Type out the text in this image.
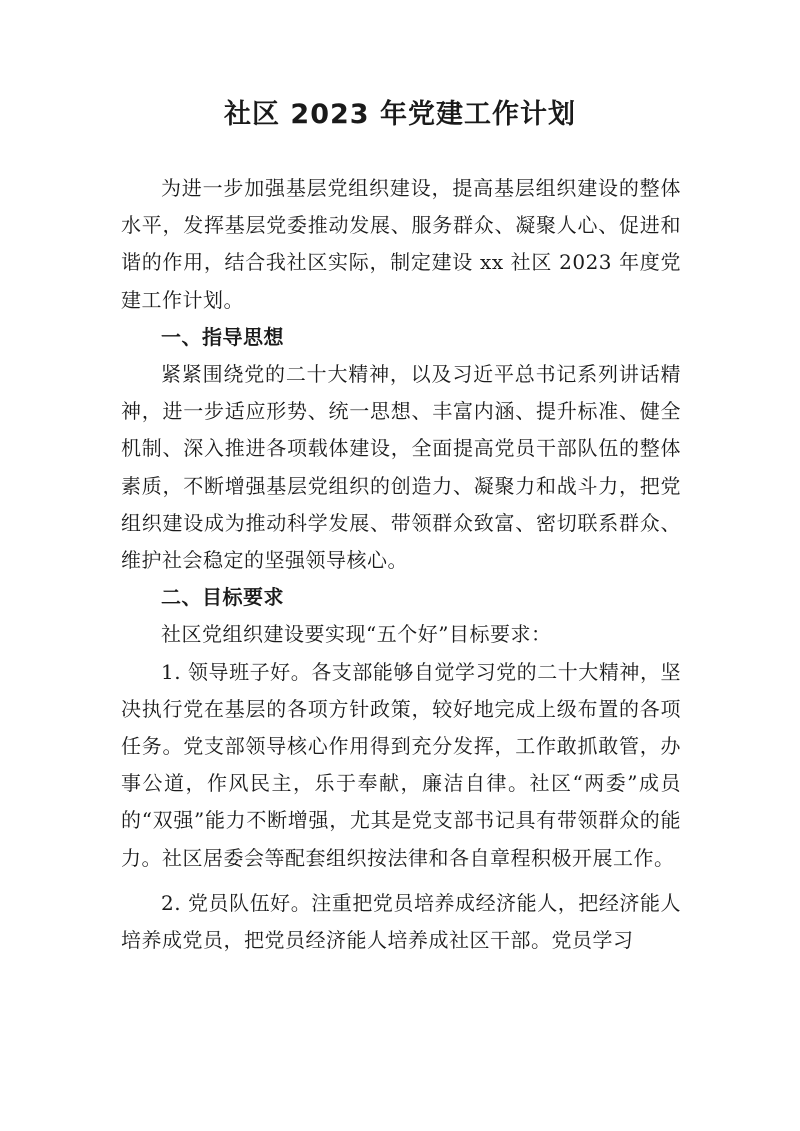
社区 2023 年党建工作计划

为进一步加强基层党组织建设，提高基层组织建设的整体水平，发挥基层党委推动发展、服务群众、凝聚人心、促进和谐的作用，结合我社区实际，制定建设 xx 社区 2023 年度党建工作计划。

一、指导思想

紧紧围绕党的二十大精神，以及习近平总书记系列讲话精神，进一步适应形势、统一思想、丰富内涵、提升标准、健全机制、深入推进各项载体建设，全面提高党员干部队伍的整体素质，不断增强基层党组织的创造力、凝聚力和战斗力，把党组织建设成为推动科学发展、带领群众致富、密切联系群众、维护社会稳定的坚强领导核心。

二、目标要求

社区党组织建设要实现“五个好”目标要求：

1. 领导班子好。各支部能够自觉学习党的二十大精神，坚决执行党在基层的各项方针政策，较好地完成上级布置的各项任务。党支部领导核心作用得到充分发挥，工作敢抓敢管，办事公道，作风民主，乐于奉献，廉洁自律。社区“两委”成员的“双强”能力不断增强，尤其是党支部书记具有带领群众的能力。社区居委会等配套组织按法律和各自章程积极开展工作。

2. 党员队伍好。注重把党员培养成经济能人，把经济能人培养成党员，把党员经济能人培养成社区干部。党员学习
